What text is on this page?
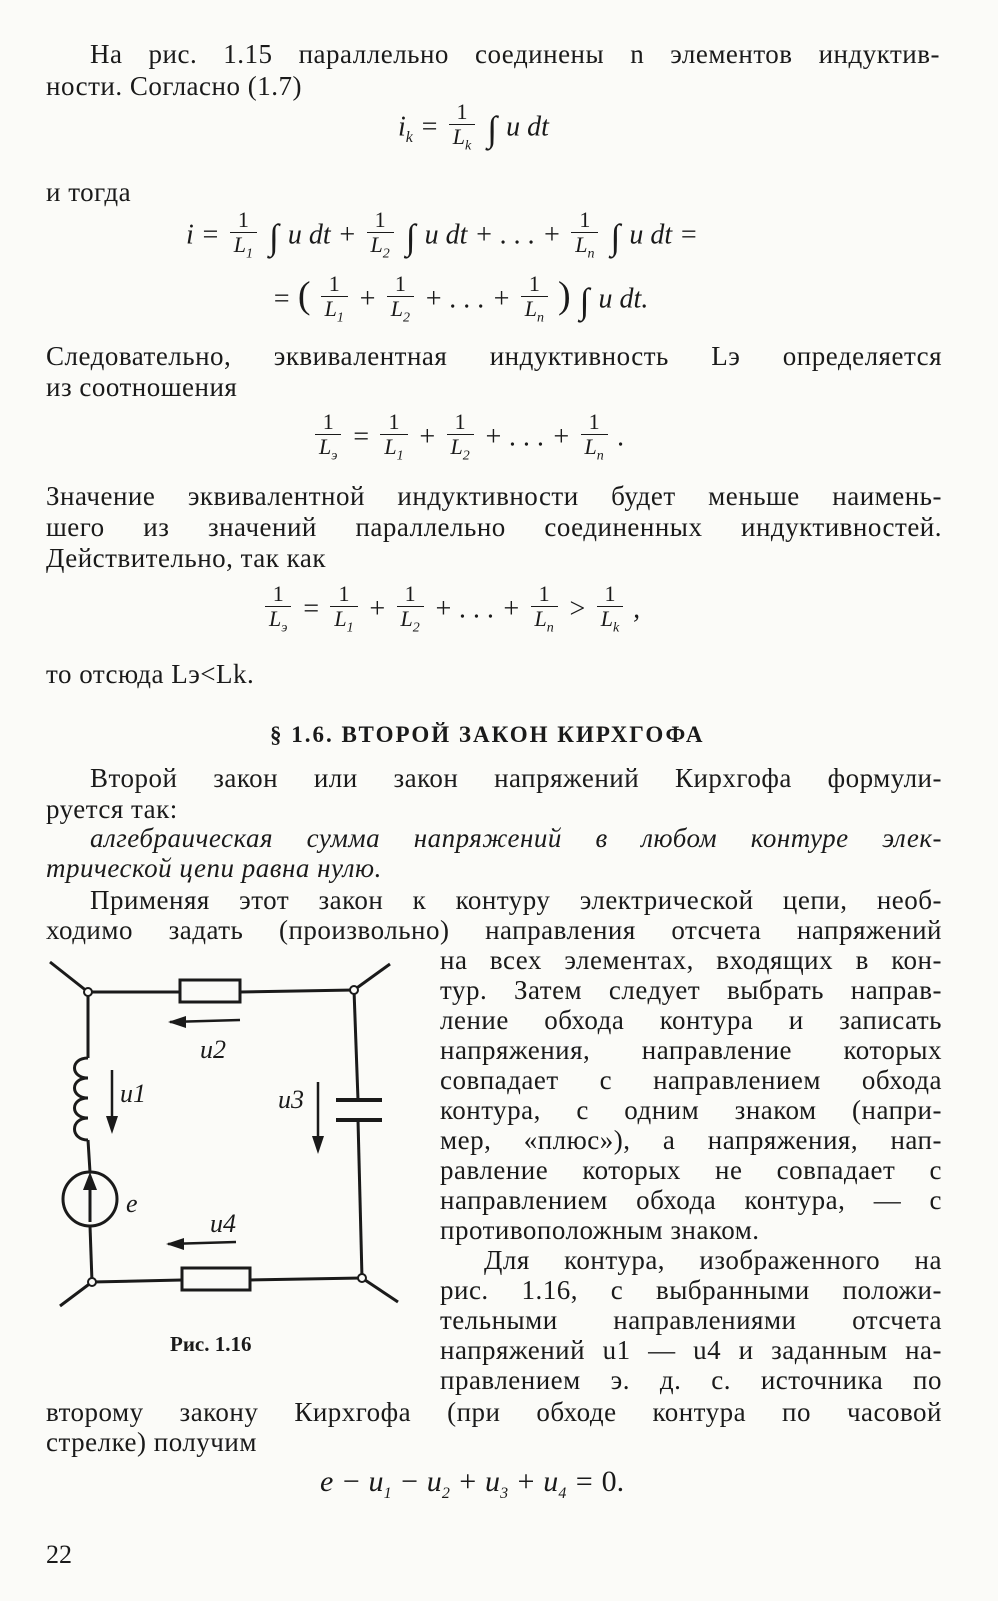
На рис. 1.15 параллельно соединены n элементов индуктив-
ности. Согласно (1.7)
$i_k = \frac{1}{L_k}$ ∫ u dt
и тогда
$i = \frac{1}{L_1}$ ∫ u dt + $\frac{1}{L_2}$ ∫ u dt + . . . + $\frac{1}{L_n}$ ∫ u dt =
= ( $\frac{1}{L_1} + \frac{1}{L_2}$ + . . . + $\frac{1}{L_n}$ ) ∫ u dt.
Следовательно, эквивалентная индуктивность Lэ определяется
из соотношения
$\frac{1}{L_э} = \frac{1}{L_1} + \frac{1}{L_2}$ + . . . + $\frac{1}{L_n}$ .
Значение эквивалентной индуктивности будет меньше наимень-
шего из значений параллельно соединенных индуктивностей.
Действительно, так как
$\frac{1}{L_э} = \frac{1}{L_1} + \frac{1}{L_2}$ + . . . + $\frac{1}{L_n} > \frac{1}{L_k}$ ,
то отсюда Lэ<Lk.
§ 1.6. ВТОРОЙ ЗАКОН КИРХГОФА
Второй закон или закон напряжений Кирхгофа формули-
руется так:
алгебраическая сумма напряжений в любом контуре элек-
трической цепи равна нулю.
Применяя этот закон к контуру электрической цепи, необ-
ходимо задать (произвольно) направления отсчета напряжений
на всех элементах, входящих в кон-
тур. Затем следует выбрать направ-
ление обхода контура и записать
напряжения, направление которых
совпадает с направлением обхода
контура, с одним знаком (напри-
мер, «плюс»), а напряжения, нап-
равление которых не совпадает с
направлением обхода контура, — с
противоположным знаком.
Для контура, изображенного на
рис. 1.16, с выбранными положи-
тельными направлениями отсчета
напряжений u1 — u4 и заданным на-
правлением э. д. с. источника по
второму закону Кирхгофа (при обходе контура по часовой
стрелке) получим
u2
u1	u3
e
u4
Рис. 1.16
$e - u_1 - u_2 + u_3 + u_4 = 0$.
22
